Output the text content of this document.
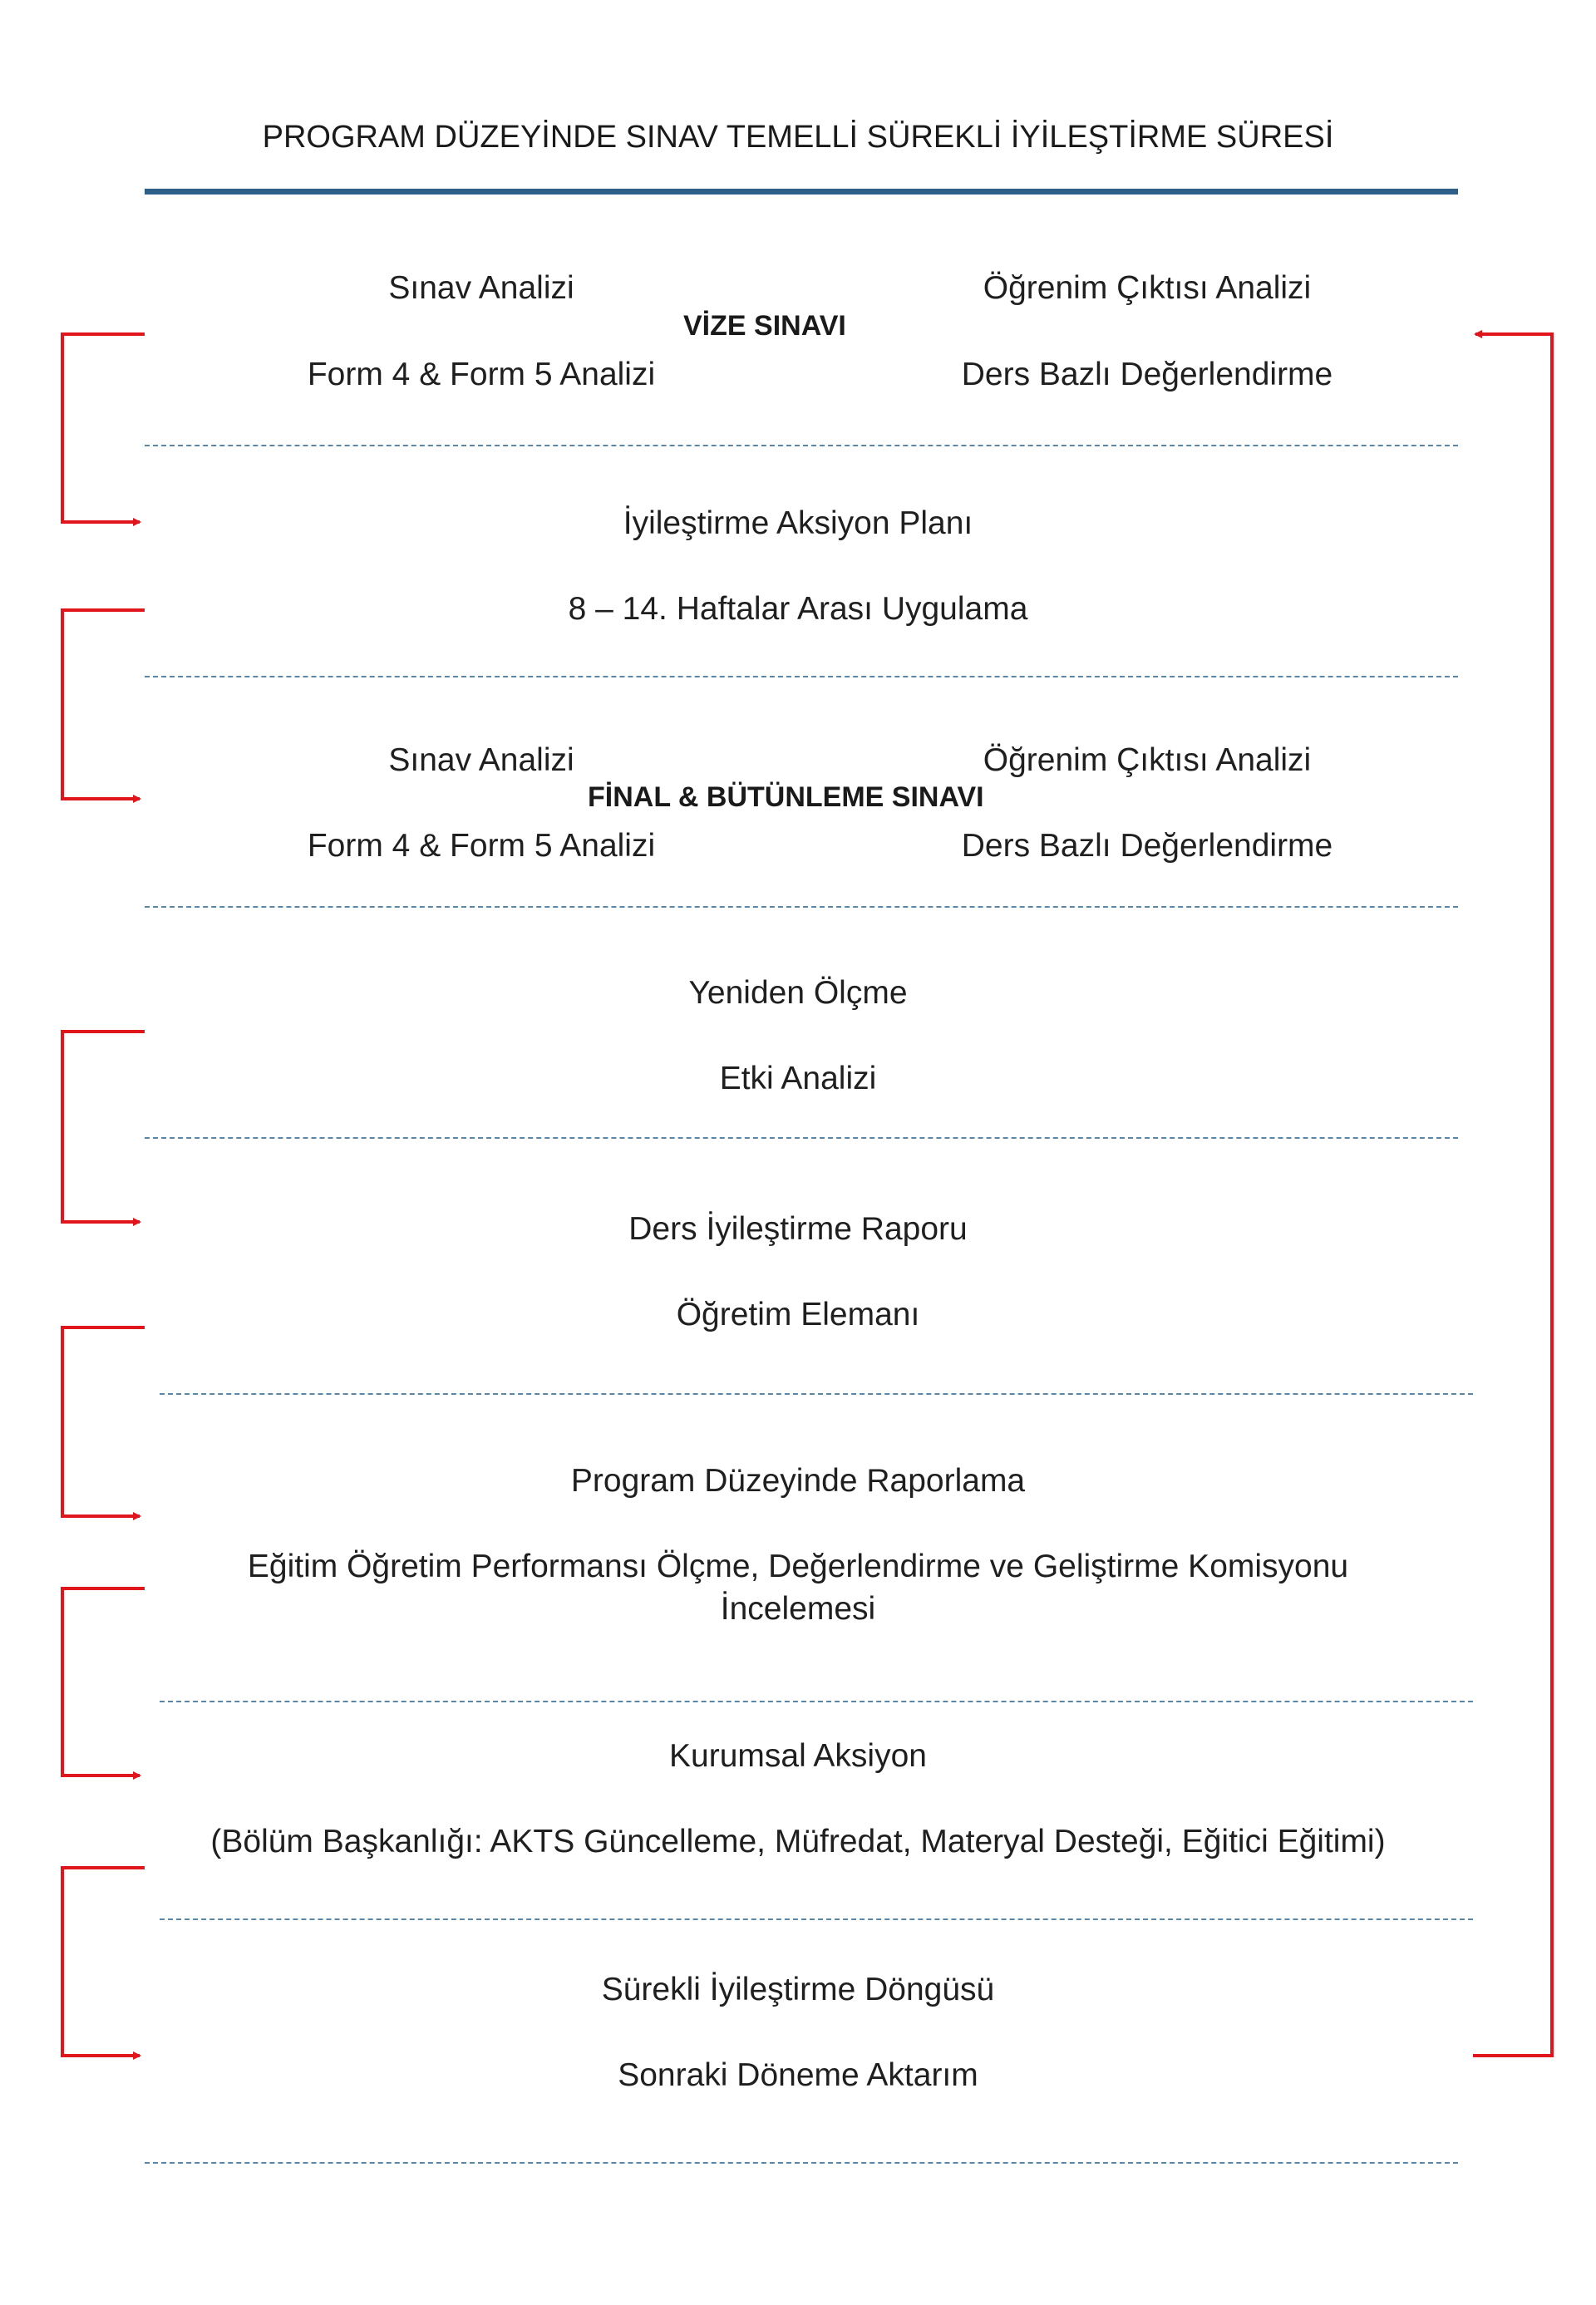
PROGRAM DÜZEYİNDE SINAV TEMELLİ SÜREKLİ İYİLEŞTİRME SÜRESİ
Sınav Analizi	Öğrenim Çıktısı Analizi
VİZE SINAVI
Form 4 & Form 5 Analizi	Ders Bazlı Değerlendirme
İyileştirme Aksiyon Planı
8 – 14. Haftalar Arası Uygulama
Sınav Analizi	Öğrenim Çıktısı Analizi
FİNAL & BÜTÜNLEME SINAVI
Form 4 & Form 5 Analizi	Ders Bazlı Değerlendirme
Yeniden Ölçme
Etki Analizi
Ders İyileştirme Raporu
Öğretim Elemanı
Program Düzeyinde Raporlama
Eğitim Öğretim Performansı Ölçme, Değerlendirme ve Geliştirme Komisyonu
İncelemesi
Kurumsal Aksiyon
(Bölüm Başkanlığı: AKTS Güncelleme, Müfredat, Materyal Desteği, Eğitici Eğitimi)
Sürekli İyileştirme Döngüsü
Sonraki Döneme Aktarım
